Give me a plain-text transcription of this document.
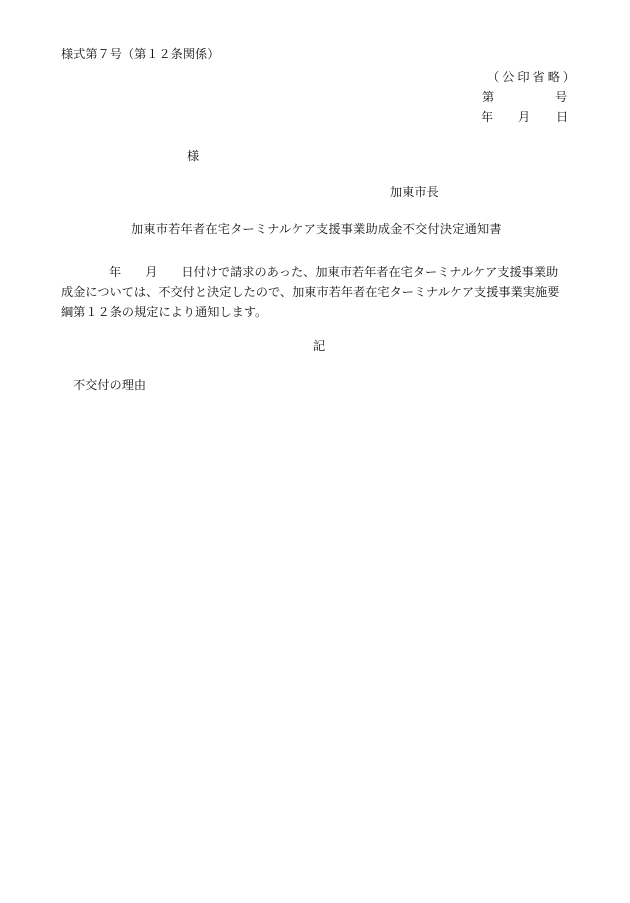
様式第７号（第１２条関係）
（公印省略）
第	号
年 月 日
様
加東市長
加東市若年者在宅ターミナルケア支援事業助成金不交付決定通知書
年 月 日付けで請求のあった、加東市若年者在宅ターミナルケア支援事業助
成金については、不交付と決定したので、加東市若年者在宅ターミナルケア支援事業実施要
綱第１２条の規定により通知します。
記
不交付の理由
